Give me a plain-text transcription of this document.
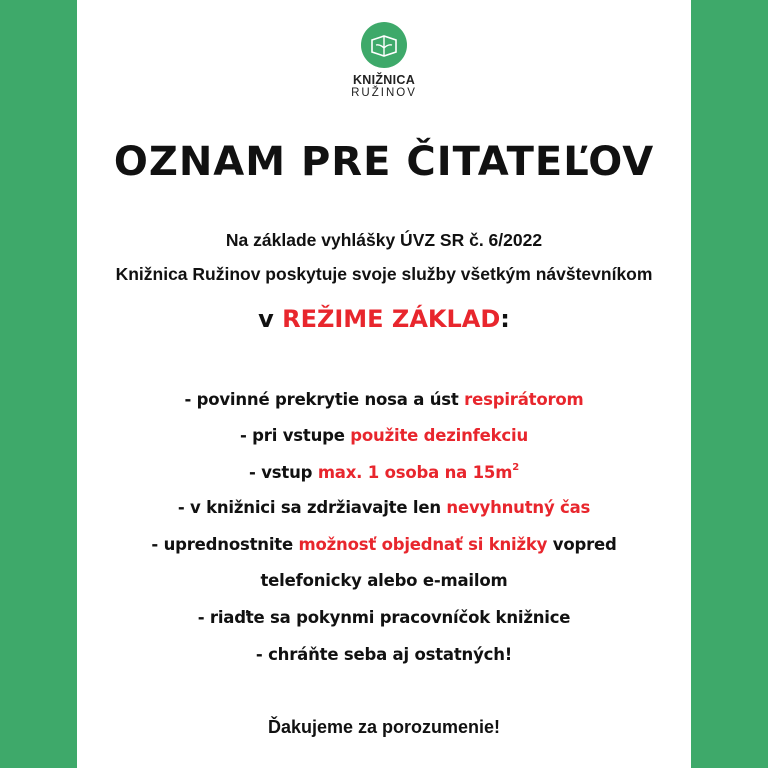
KNIŽNICA
RUŽINOV
OZNAM PRE ČITATEĽOV
Na základe vyhlášky ÚVZ SR č. 6/2022
Knižnica Ružinov poskytuje svoje služby všetkým návštevníkom
v REŽIME ZÁKLAD:
- povinné prekrytie nosa a úst respirátorom
- pri vstupe použite dezinfekciu
- vstup max. 1 osoba na $15m^2$
- v knižnici sa zdržiavajte len nevyhnutný čas
- uprednostnite možnosť objednať si knižky vopred
telefonicky alebo e-mailom
- riaďte sa pokynmi pracovníčok knižnice
- chráňte seba aj ostatných!
Ďakujeme za porozumenie!
